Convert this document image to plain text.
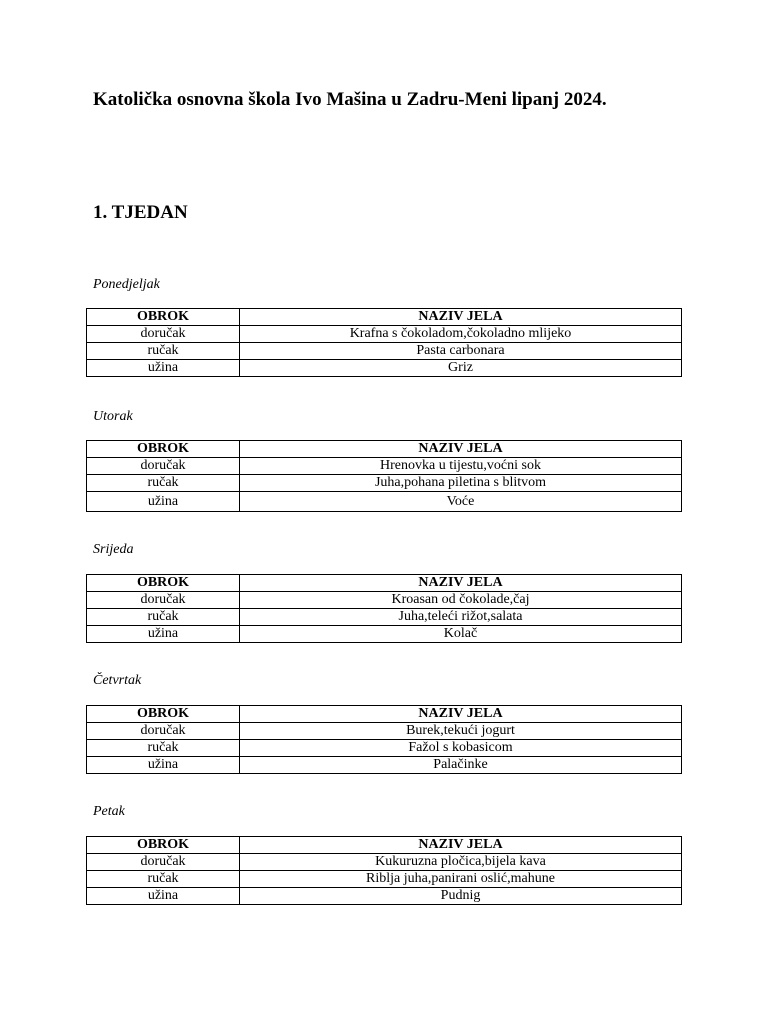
Katolička osnovna škola Ivo Mašina u Zadru-Meni lipanj 2024.
1. TJEDAN
Ponedjeljak
OBROK	NAZIV JELA
doručak	Krafna s čokoladom,čokoladno mlijeko
ručak	Pasta carbonara
užina	Griz
Utorak
OBROK	NAZIV JELA
doručak	Hrenovka u tijestu,voćni sok
ručak	Juha,pohana piletina s blitvom
užina	Voće
Srijeda
OBROK	NAZIV JELA
doručak	Kroasan od čokolade,čaj
ručak	Juha,teleći rižot,salata
užina	Kolač
Četvrtak
OBROK	NAZIV JELA
doručak	Burek,tekući jogurt
ručak	Fažol s kobasicom
užina	Palačinke
Petak
OBROK	NAZIV JELA
doručak	Kukuruzna pločica,bijela kava
ručak	Riblja juha,panirani oslić,mahune
užina	Pudnig
